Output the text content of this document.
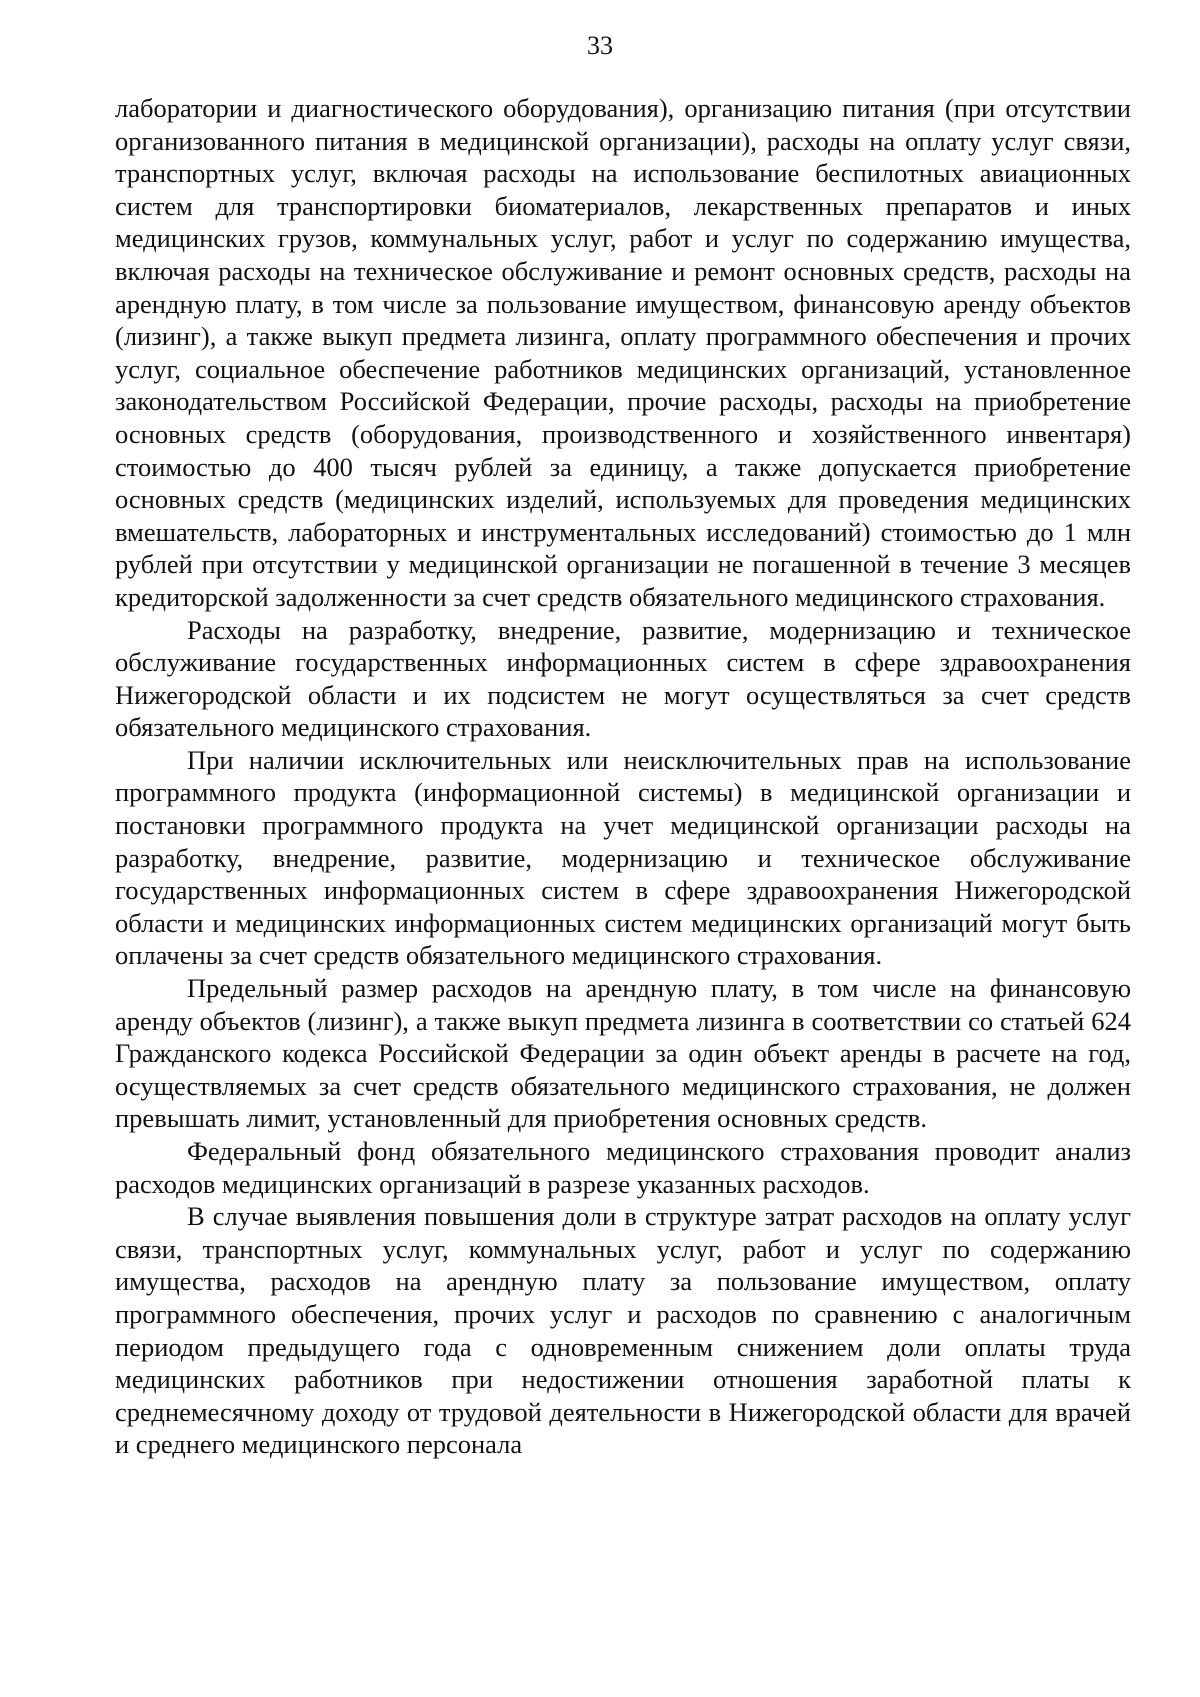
33

лаборатории и диагностического оборудования), организацию питания (при отсутствии организованного питания в медицинской организации), расходы на оплату услуг связи, транспортных услуг, включая расходы на использование беспилотных авиационных систем для транспортировки биоматериалов, лекарственных препаратов и иных медицинских грузов, коммунальных услуг, работ и услуг по содержанию имущества, включая расходы на техническое обслуживание и ремонт основных средств, расходы на арендную плату, в том числе за пользование имуществом, финансовую аренду объектов (лизинг), а также выкуп предмета лизинга, оплату программного обеспечения и прочих услуг, социальное обеспечение работников медицинских организаций, установленное законодательством Российской Федерации, прочие расходы, расходы на приобретение основных средств (оборудования, производственного и хозяйственного инвентаря) стоимостью до 400 тысяч рублей за единицу, а также допускается приобретение основных средств (медицинских изделий, используемых для проведения медицинских вмешательств, лабораторных и инструментальных исследований) стоимостью до 1 млн рублей при отсутствии у медицинской организации не погашенной в течение 3 месяцев кредиторской задолженности за счет средств обязательного медицинского страхования.

Расходы на разработку, внедрение, развитие, модернизацию и техническое обслуживание государственных информационных систем в сфере здравоохранения Нижегородской области и их подсистем не могут осуществляться за счет средств обязательного медицинского страхования.

При наличии исключительных или неисключительных прав на использование программного продукта (информационной системы) в медицинской организации и постановки программного продукта на учет медицинской организации расходы на разработку, внедрение, развитие, модернизацию и техническое обслуживание государственных информационных систем в сфере здравоохранения Нижегородской области и медицинских информационных систем медицинских организаций могут быть оплачены за счет средств обязательного медицинского страхования.

Предельный размер расходов на арендную плату, в том числе на финансовую аренду объектов (лизинг), а также выкуп предмета лизинга в соответствии со статьей 624 Гражданского кодекса Российской Федерации за один объект аренды в расчете на год, осуществляемых за счет средств обязательного медицинского страхования, не должен превышать лимит, установленный для приобретения основных средств.

Федеральный фонд обязательного медицинского страхования проводит анализ расходов медицинских организаций в разрезе указанных расходов.

В случае выявления повышения доли в структуре затрат расходов на оплату услуг связи, транспортных услуг, коммунальных услуг, работ и услуг по содержанию имущества, расходов на арендную плату за пользование имуществом, оплату программного обеспечения, прочих услуг и расходов по сравнению с аналогичным периодом предыдущего года с одновременным снижением доли оплаты труда медицинских работников при недостижении отношения заработной платы к среднемесячному доходу от трудовой деятельности в Нижегородской области для врачей и среднего медицинского персонала
